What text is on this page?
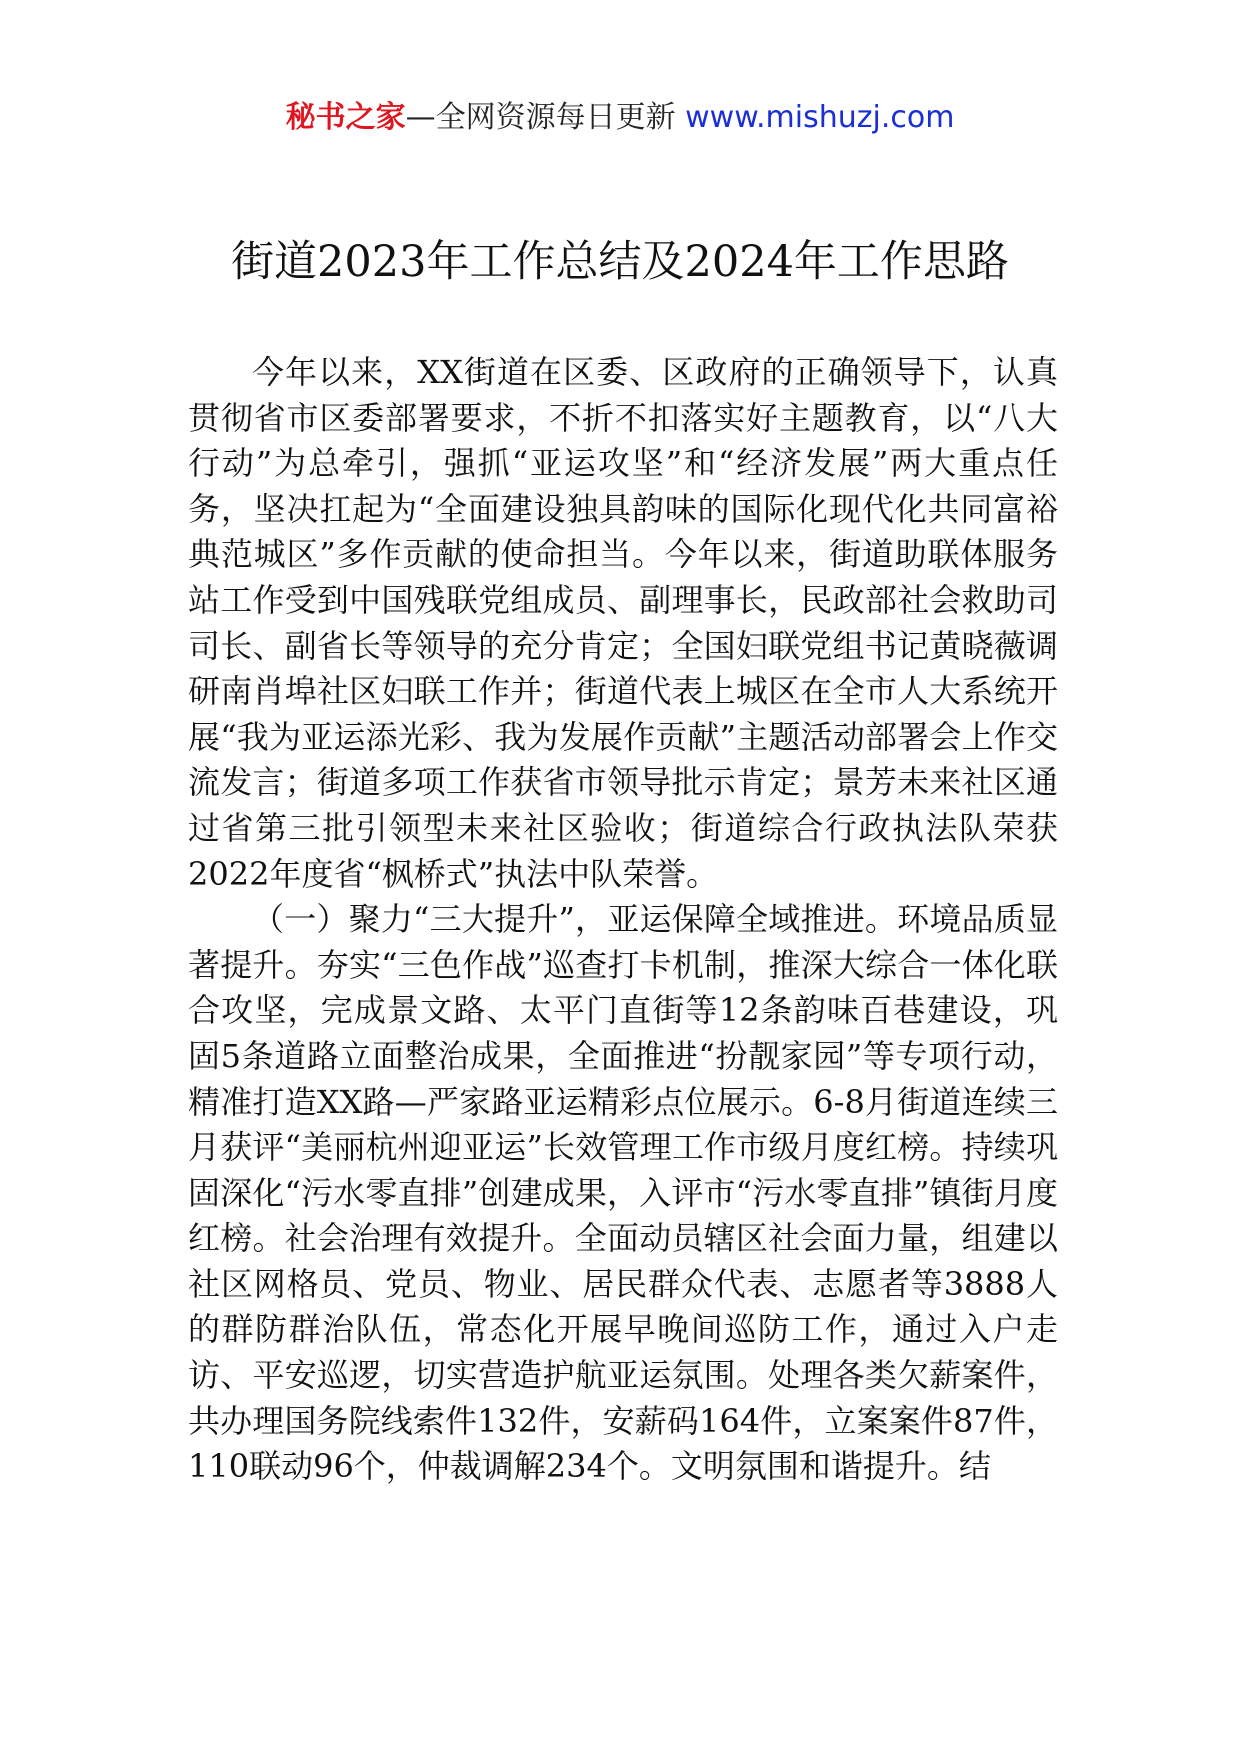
秘书之家—全网资源每日更新 www.mishuzj.com
街道2023年工作总结及2024年工作思路

今年以来，XX街道在区委、区政府的正确领导下，认真贯彻省市区委部署要求，不折不扣落实好主题教育，以“八大行动”为总牵引，强抓“亚运攻坚”和“经济发展”两大重点任务，坚决扛起为“全面建设独具韵味的国际化现代化共同富裕典范城区”多作贡献的使命担当。今年以来，街道助联体服务站工作受到中国残联党组成员、副理事长，民政部社会救助司司长、副省长等领导的充分肯定；全国妇联党组书记黄晓薇调研南肖埠社区妇联工作并；街道代表上城区在全市人大系统开展“我为亚运添光彩、我为发展作贡献”主题活动部署会上作交流发言；街道多项工作获省市领导批示肯定；景芳未来社区通过省第三批引领型未来社区验收；街道综合行政执法队荣获2022年度省“枫桥式”执法中队荣誉。

（一）聚力“三大提升”，亚运保障全域推进。环境品质显著提升。夯实“三色作战”巡查打卡机制，推深大综合一体化联合攻坚，完成景文路、太平门直街等12条韵味百巷建设，巩固5条道路立面整治成果，全面推进“扮靓家园”等专项行动，精准打造XX路—严家路亚运精彩点位展示。6-8月街道连续三月获评“美丽杭州迎亚运”长效管理工作市级月度红榜。持续巩固深化“污水零直排”创建成果，入评市“污水零直排”镇街月度红榜。社会治理有效提升。全面动员辖区社会面力量，组建以社区网格员、党员、物业、居民群众代表、志愿者等3888人的群防群治队伍，常态化开展早晚间巡防工作，通过入户走访、平安巡逻，切实营造护航亚运氛围。处理各类欠薪案件，共办理国务院线索件132件，安薪码164件，立案案件87件，110联动96个，仲裁调解234个。文明氛围和谐提升。结
